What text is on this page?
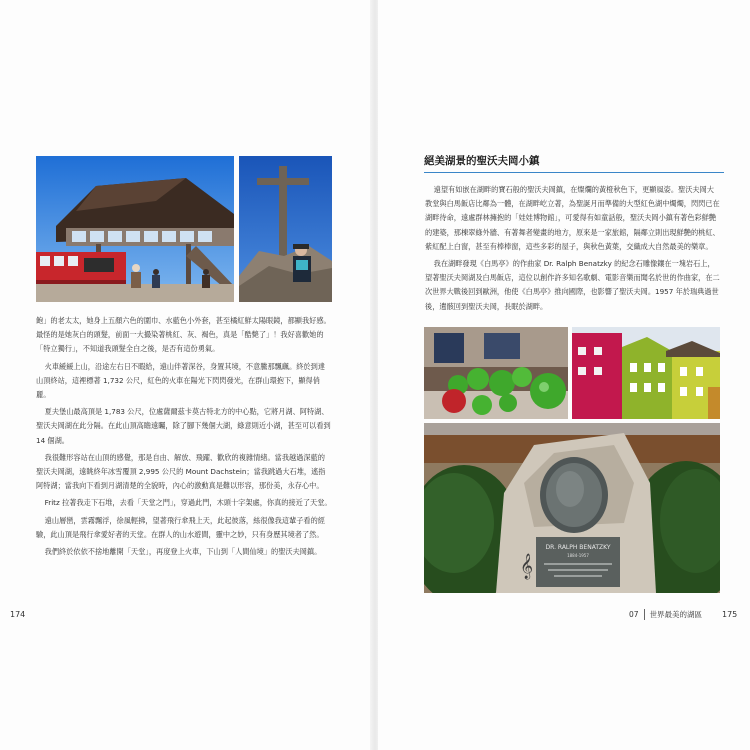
飽」的老太太，她身上五顏六色的圍巾、水藍色小外套，甚至橘紅鮮太陽眼鏡，都顯我好感。最怪的是她灰白的頭髮，前面一大撮染著桃紅、灰、褐色，真是「酷斃了」！我好喜歡她的「特立獨行」，不知道我頭髮全白之後，是否有這份勇氣。

火車緩緩上山，沿途左右日不暇給，遠山伴著深谷，身置其境，不意騰那飄颻。終於到達山頂終站，這裡標著 1,732 公尺，紅色的火車在陽光下閃閃發光，在群山環抱下，顯得俏麗。

夏夫堡山最高頂是 1,783 公尺，位處薩爾茲卡莫古特北方的中心點，它將月湖、阿特湖、聖沃夫岡湖在此分隔。在此山頂高瞻遠矚，除了腳下幾個大湖，綠意則近小湖，甚至可以看到 14 個湖。

我很難形容站在山頂的感覺，那是自由、解放、飛躍、歡欣的複雜情緒。當我越過深藍的聖沃夫岡湖，遠眺終年冰雪覆頂 2,995 公尺的 Mount Dachstein；當我跳過大石堆，遙指阿特湖；當我向下看到月湖清楚的全貌時，內心的激動真是難以形容，那份美，永存心中。

Fritz 拉著我走下石堆，去看「天堂之門」，穿過此門，木頭十字架處，你真的接近了天堂。

遠山層巒，雲霧飄浮，徐風輕拂，望著飛行傘飛上天，此起彼落，絲很像我這輩子看的經驗，此山頂是飛行傘愛好者的天堂。在群人的山水遊間，靈中之妙，只有身歷其境者了然。

我們終於依依不捨地離開「天堂」，再度登上火車，下山到「人間仙境」的聖沃夫岡鎮。

174
絕美湖景的聖沃夫岡小鎮

遠望有如嵌在湖畔的寶石般的聖沃夫岡鎮，在燦爛的黃橙秋色下，更顯風姿。聖沃夫岡大教堂與白馬飯店比鄰為一體，在湖畔屹立著，為聖誕月而準備的大型紅色湖中燭燭，閃閃已在湖畔待命，遠處群林擁抱的「娃娃博物館」，可愛得有如童話般，聖沃夫岡小鎮有著色彩鮮艷的建築，那棟翠綠外牆、有著舞者變畫的地方，原來是一家旅館，隔鄰立則出現鮮艷的桃紅、紫紅配上白窗，甚至有棒棒窗，這些多彩的屋子，與秋色黃葉，交織成大自然最美的樂章。

我在湖畔發現《白馬亭》的作曲家 Dr. Ralph Benatzky 的紀念石雕像鑲在一塊岩石上，望著聖沃夫岡湖及白馬飯店，這位以創作許多知名歌劇、電影音樂而聞名於世的作曲家，在二次世界大戰後回到歐洲，他使《白馬亭》推向國際，也影響了聖沃夫岡。1957 年於瑞典過世後，遺骸回到聖沃夫岡，長眠於湖畔。

DR. RALPH BENATZKY
1884-1957
𝄞
07 世界最美的湖區 175
